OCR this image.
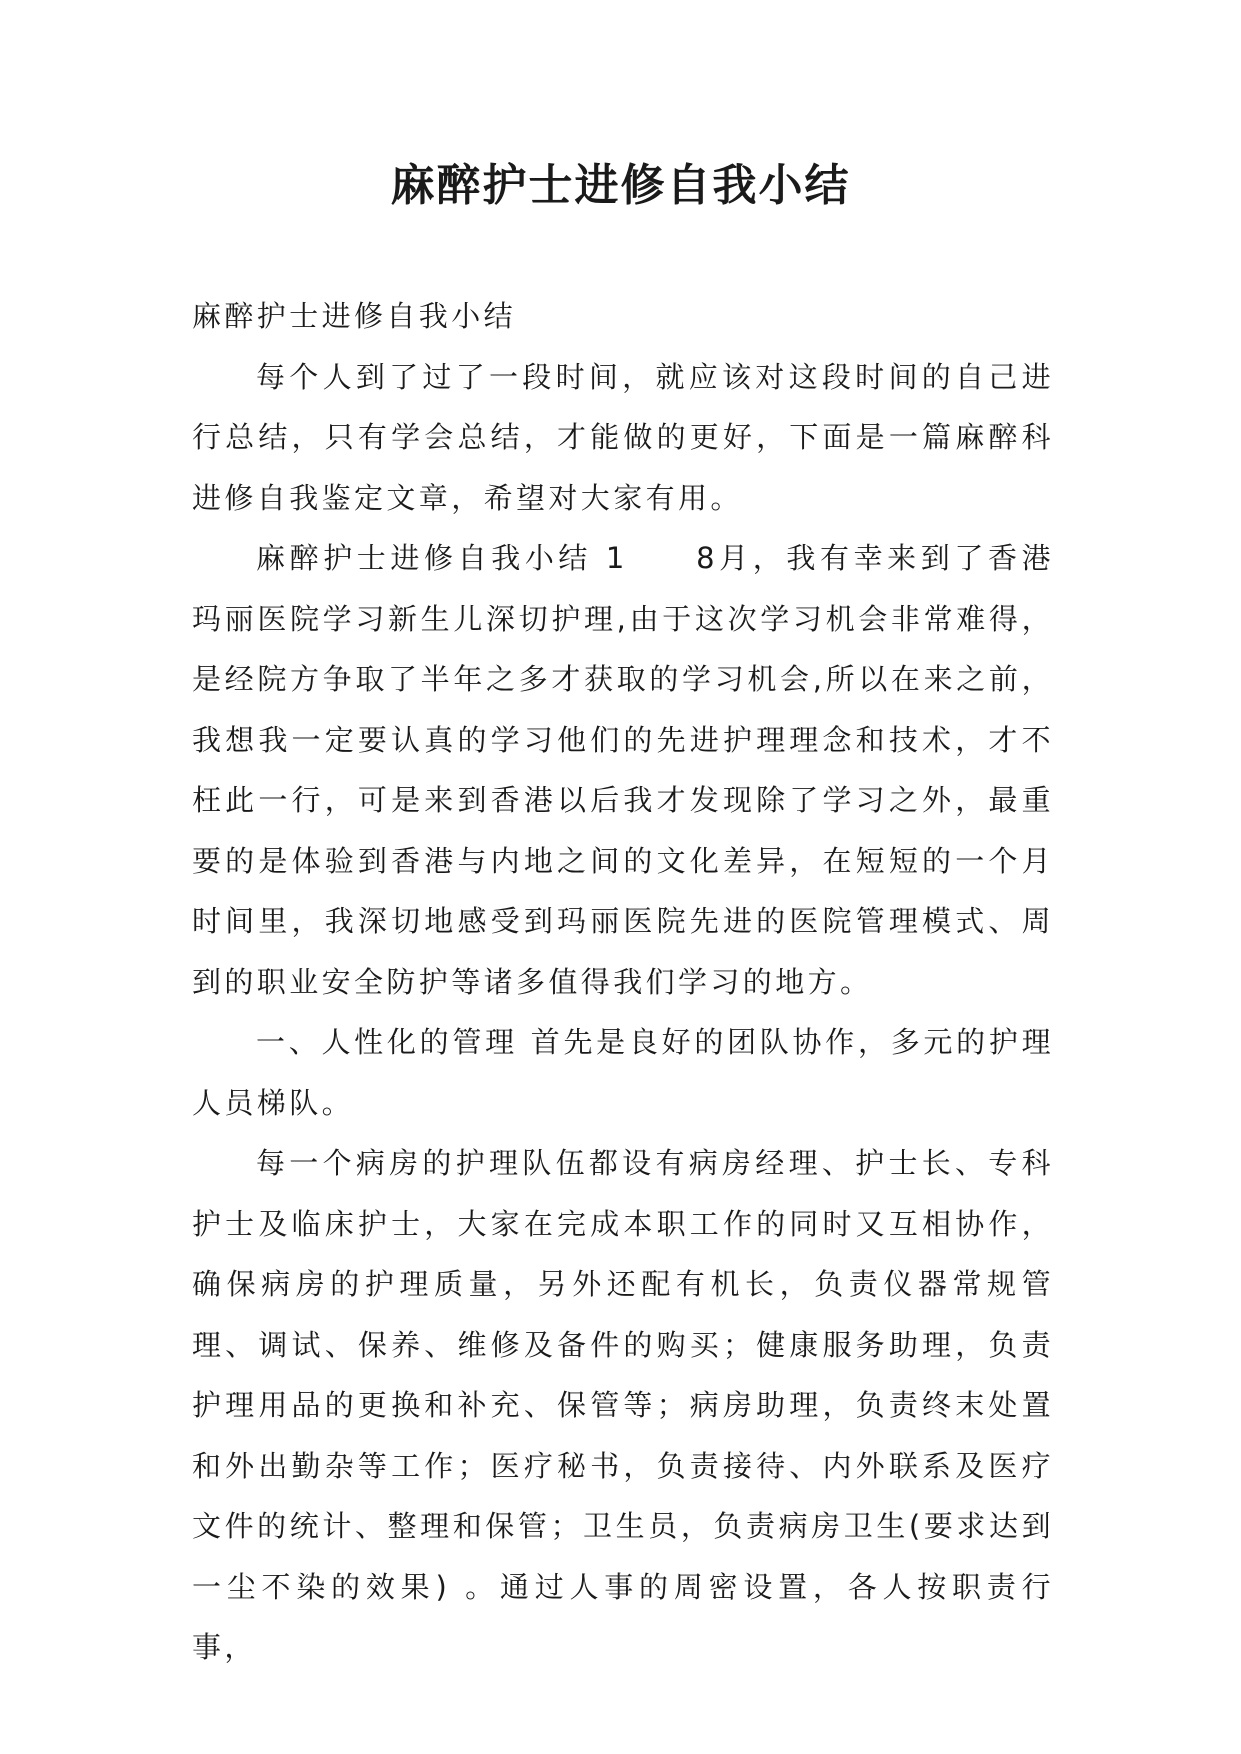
麻醉护士进修自我小结

麻醉护士进修自我小结

每个人到了过了一段时间，就应该对这段时间的自己进行总结，只有学会总结，才能做的更好，下面是一篇麻醉科进修自我鉴定文章，希望对大家有用。

麻醉护士进修自我小结 1　　8月，我有幸来到了香港玛丽医院学习新生儿深切护理,由于这次学习机会非常难得，是经院方争取了半年之多才获取的学习机会,所以在来之前，我想我一定要认真的学习他们的先进护理理念和技术，才不枉此一行，可是来到香港以后我才发现除了学习之外，最重要的是体验到香港与内地之间的文化差异，在短短的一个月时间里，我深切地感受到玛丽医院先进的医院管理模式、周到的职业安全防护等诸多值得我们学习的地方。

一、人性化的管理 首先是良好的团队协作，多元的护理人员梯队。

每一个病房的护理队伍都设有病房经理、护士长、专科护士及临床护士，大家在完成本职工作的同时又互相协作，确保病房的护理质量，另外还配有机长，负责仪器常规管理、调试、保养、维修及备件的购买；健康服务助理，负责护理用品的更换和补充、保管等；病房助理，负责终末处置和外出勤杂等工作；医疗秘书，负责接待、内外联系及医疗文件的统计、整理和保管；卫生员，负责病房卫生(要求达到一尘不染的效果) 。通过人事的周密设置，各人按职责行事，
